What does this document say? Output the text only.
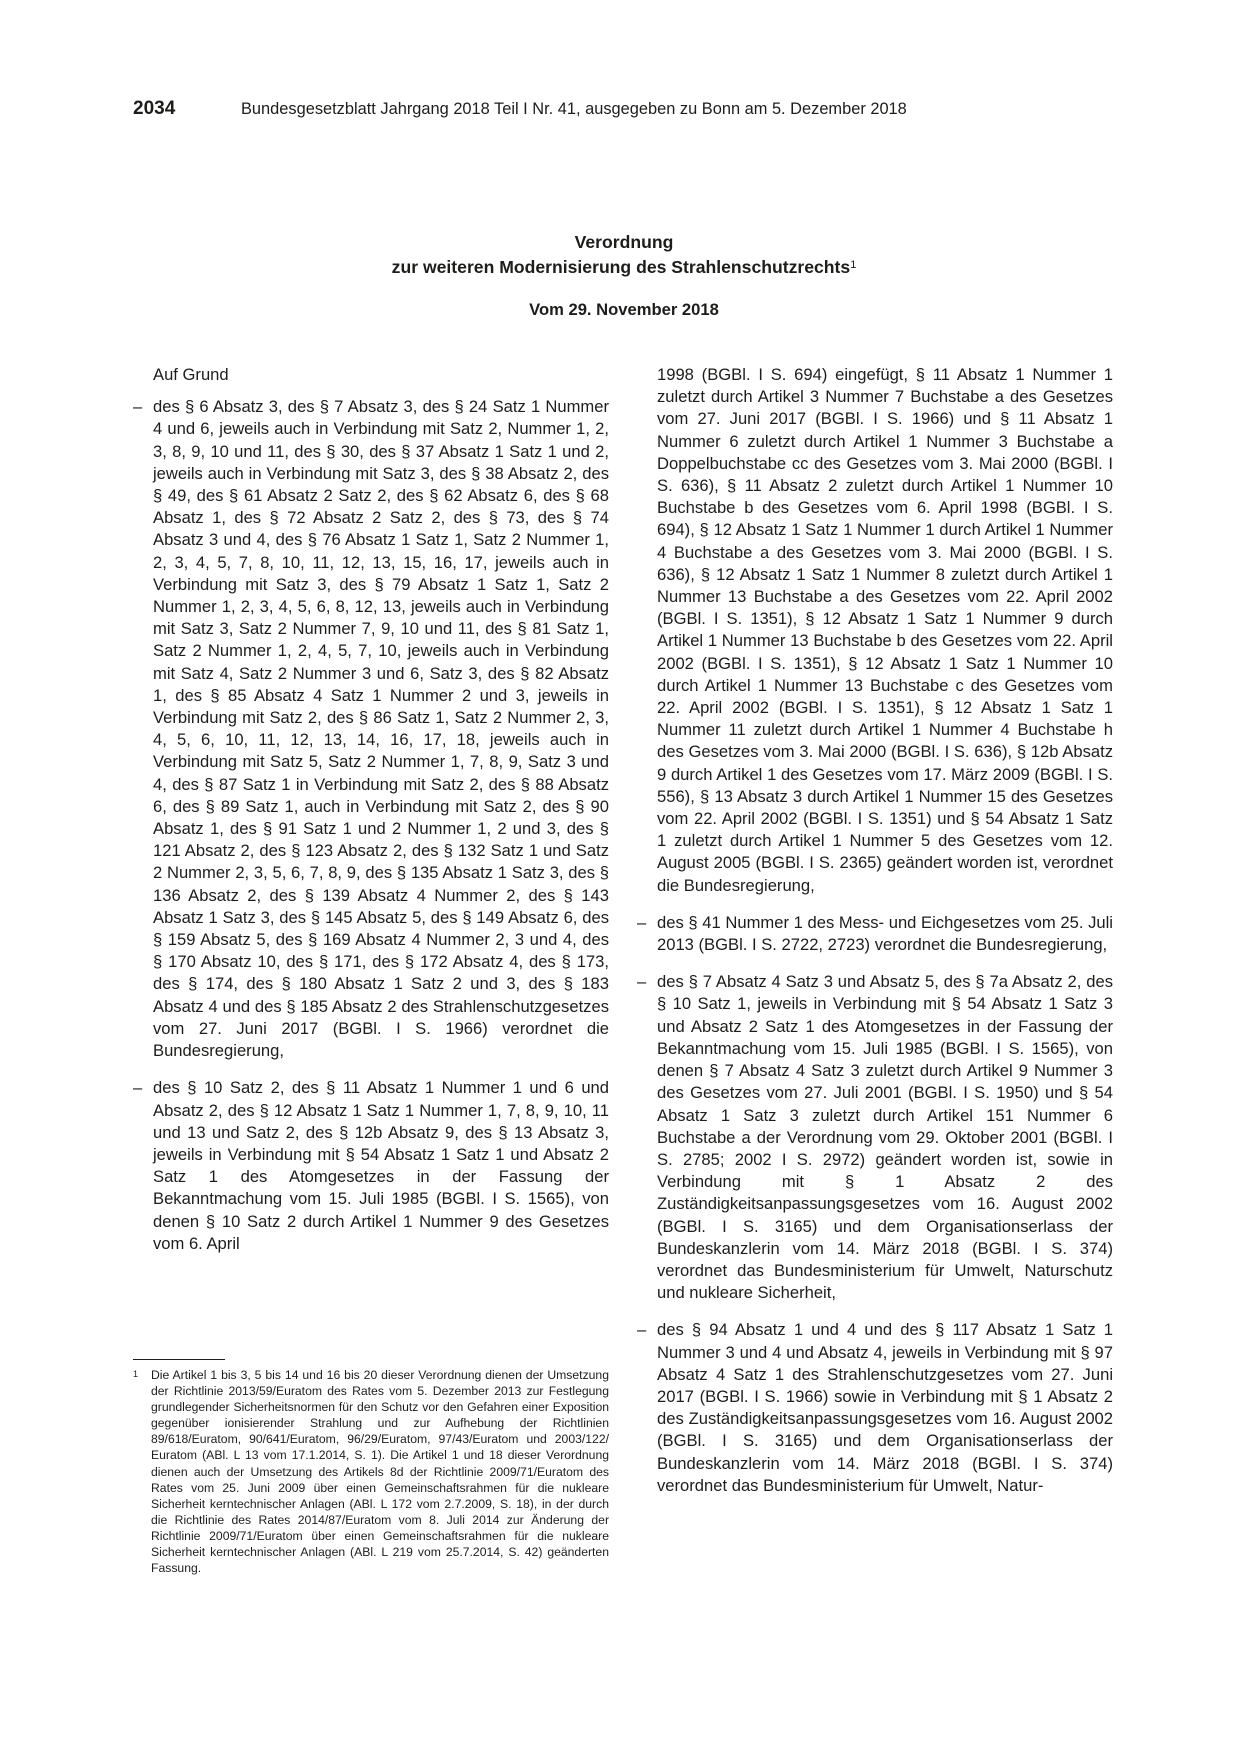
2034	Bundesgesetzblatt Jahrgang 2018 Teil I Nr. 41, ausgegeben zu Bonn am 5. Dezember 2018
Verordnung
zur weiteren Modernisierung des Strahlenschutzrechts$^1$
Vom 29. November 2018
Auf Grund
– des § 6 Absatz 3, des § 7 Absatz 3, des § 24 Satz 1 Nummer 4 und 6, jeweils auch in Verbindung mit Satz 2, Nummer 1, 2, 3, 8, 9, 10 und 11, des § 30, des § 37 Absatz 1 Satz 1 und 2, jeweils auch in Verbindung mit Satz 3, des § 38 Absatz 2, des § 49, des § 61 Absatz 2 Satz 2, des § 62 Absatz 6, des § 68 Absatz 1, des § 72 Absatz 2 Satz 2, des § 73, des § 74 Absatz 3 und 4, des § 76 Absatz 1 Satz 1, Satz 2 Nummer 1, 2, 3, 4, 5, 7, 8, 10, 11, 12, 13, 15, 16, 17, jeweils auch in Verbindung mit Satz 3, des § 79 Absatz 1 Satz 1, Satz 2 Nummer 1, 2, 3, 4, 5, 6, 8, 12, 13, jeweils auch in Verbindung mit Satz 3, Satz 2 Nummer 7, 9, 10 und 11, des § 81 Satz 1, Satz 2 Nummer 1, 2, 4, 5, 7, 10, jeweils auch in Verbindung mit Satz 4, Satz 2 Nummer 3 und 6, Satz 3, des § 82 Absatz 1, des § 85 Absatz 4 Satz 1 Nummer 2 und 3, jeweils in Verbindung mit Satz 2, des § 86 Satz 1, Satz 2 Nummer 2, 3, 4, 5, 6, 10, 11, 12, 13, 14, 16, 17, 18, jeweils auch in Verbindung mit Satz 5, Satz 2 Nummer 1, 7, 8, 9, Satz 3 und 4, des § 87 Satz 1 in Verbindung mit Satz 2, des § 88 Absatz 6, des § 89 Satz 1, auch in Verbindung mit Satz 2, des § 90 Absatz 1, des § 91 Satz 1 und 2 Nummer 1, 2 und 3, des § 121 Absatz 2, des § 123 Absatz 2, des § 132 Satz 1 und Satz 2 Nummer 2, 3, 5, 6, 7, 8, 9, des § 135 Absatz 1 Satz 3, des § 136 Absatz 2, des § 139 Absatz 4 Nummer 2, des § 143 Absatz 1 Satz 3, des § 145 Absatz 5, des § 149 Absatz 6, des § 159 Absatz 5, des § 169 Absatz 4 Nummer 2, 3 und 4, des § 170 Absatz 10, des § 171, des § 172 Absatz 4, des § 173, des § 174, des § 180 Absatz 1 Satz 2 und 3, des § 183 Absatz 4 und des § 185 Absatz 2 des Strahlenschutzgesetzes vom 27. Juni 2017 (BGBl. I S. 1966) verordnet die Bundesregierung,
– des § 10 Satz 2, des § 11 Absatz 1 Nummer 1 und 6 und Absatz 2, des § 12 Absatz 1 Satz 1 Nummer 1, 7, 8, 9, 10, 11 und 13 und Satz 2, des § 12b Absatz 9, des § 13 Absatz 3, jeweils in Verbindung mit § 54 Absatz 1 Satz 1 und Absatz 2 Satz 1 des Atomgesetzes in der Fassung der Bekanntmachung vom 15. Juli 1985 (BGBl. I S. 1565), von denen § 10 Satz 2 durch Artikel 1 Nummer 9 des Gesetzes vom 6. April
1998 (BGBl. I S. 694) eingefügt, § 11 Absatz 1 Nummer 1 zuletzt durch Artikel 3 Nummer 7 Buchstabe a des Gesetzes vom 27. Juni 2017 (BGBl. I S. 1966) und § 11 Absatz 1 Nummer 6 zuletzt durch Artikel 1 Nummer 3 Buchstabe a Doppelbuchstabe cc des Gesetzes vom 3. Mai 2000 (BGBl. I S. 636), § 11 Absatz 2 zuletzt durch Artikel 1 Nummer 10 Buchstabe b des Gesetzes vom 6. April 1998 (BGBl. I S. 694), § 12 Absatz 1 Satz 1 Nummer 1 durch Artikel 1 Nummer 4 Buchstabe a des Gesetzes vom 3. Mai 2000 (BGBl. I S. 636), § 12 Absatz 1 Satz 1 Nummer 8 zuletzt durch Artikel 1 Nummer 13 Buchstabe a des Gesetzes vom 22. April 2002 (BGBl. I S. 1351), § 12 Absatz 1 Satz 1 Nummer 9 durch Artikel 1 Nummer 13 Buchstabe b des Gesetzes vom 22. April 2002 (BGBl. I S. 1351), § 12 Absatz 1 Satz 1 Nummer 10 durch Artikel 1 Nummer 13 Buchstabe c des Gesetzes vom 22. April 2002 (BGBl. I S. 1351), § 12 Absatz 1 Satz 1 Nummer 11 zuletzt durch Artikel 1 Nummer 4 Buchstabe h des Gesetzes vom 3. Mai 2000 (BGBl. I S. 636), § 12b Absatz 9 durch Artikel 1 des Gesetzes vom 17. März 2009 (BGBl. I S. 556), § 13 Absatz 3 durch Artikel 1 Nummer 15 des Gesetzes vom 22. April 2002 (BGBl. I S. 1351) und § 54 Absatz 1 Satz 1 zuletzt durch Artikel 1 Nummer 5 des Gesetzes vom 12. August 2005 (BGBl. I S. 2365) geändert worden ist, verordnet die Bundesregierung,
– des § 41 Nummer 1 des Mess- und Eichgesetzes vom 25. Juli 2013 (BGBl. I S. 2722, 2723) verordnet die Bundesregierung,
– des § 7 Absatz 4 Satz 3 und Absatz 5, des § 7a Absatz 2, des § 10 Satz 1, jeweils in Verbindung mit § 54 Absatz 1 Satz 3 und Absatz 2 Satz 1 des Atomgesetzes in der Fassung der Bekanntmachung vom 15. Juli 1985 (BGBl. I S. 1565), von denen § 7 Absatz 4 Satz 3 zuletzt durch Artikel 9 Nummer 3 des Gesetzes vom 27. Juli 2001 (BGBl. I S. 1950) und § 54 Absatz 1 Satz 3 zuletzt durch Artikel 151 Nummer 6 Buchstabe a der Verordnung vom 29. Oktober 2001 (BGBl. I S. 2785; 2002 I S. 2972) geändert worden ist, sowie in Verbindung mit § 1 Absatz 2 des Zuständigkeitsanpassungsgesetzes vom 16. August 2002 (BGBl. I S. 3165) und dem Organisationserlass der Bundeskanzlerin vom 14. März 2018 (BGBl. I S. 374) verordnet das Bundesministerium für Umwelt, Naturschutz und nukleare Sicherheit,
– des § 94 Absatz 1 und 4 und des § 117 Absatz 1 Satz 1 Nummer 3 und 4 und Absatz 4, jeweils in Verbindung mit § 97 Absatz 4 Satz 1 des Strahlenschutzgesetzes vom 27. Juni 2017 (BGBl. I S. 1966) sowie in Verbindung mit § 1 Absatz 2 des Zuständigkeitsanpassungsgesetzes vom 16. August 2002 (BGBl. I S. 3165) und dem Organisationserlass der Bundeskanzlerin vom 14. März 2018 (BGBl. I S. 374) verordnet das Bundesministerium für Umwelt, Natur-
1	Die Artikel 1 bis 3, 5 bis 14 und 16 bis 20 dieser Verordnung dienen der Umsetzung der Richtlinie 2013/59/Euratom des Rates vom 5. Dezember 2013 zur Festlegung grundlegender Sicherheitsnormen für den Schutz vor den Gefahren einer Exposition gegenüber ionisierender Strahlung und zur Aufhebung der Richtlinien 89/618/Euratom, 90/641/Euratom, 96/29/Euratom, 97/43/Euratom und 2003/122/ Euratom (ABl. L 13 vom 17.1.2014, S. 1). Die Artikel 1 und 18 dieser Verordnung dienen auch der Umsetzung des Artikels 8d der Richtlinie 2009/71/Euratom des Rates vom 25. Juni 2009 über einen Gemeinschaftsrahmen für die nukleare Sicherheit kerntechnischer Anlagen (ABl. L 172 vom 2.7.2009, S. 18), in der durch die Richtlinie des Rates 2014/87/Euratom vom 8. Juli 2014 zur Änderung der Richtlinie 2009/71/Euratom über einen Gemeinschaftsrahmen für die nukleare Sicherheit kerntechnischer Anlagen (ABl. L 219 vom 25.7.2014, S. 42) geänderten Fassung.
